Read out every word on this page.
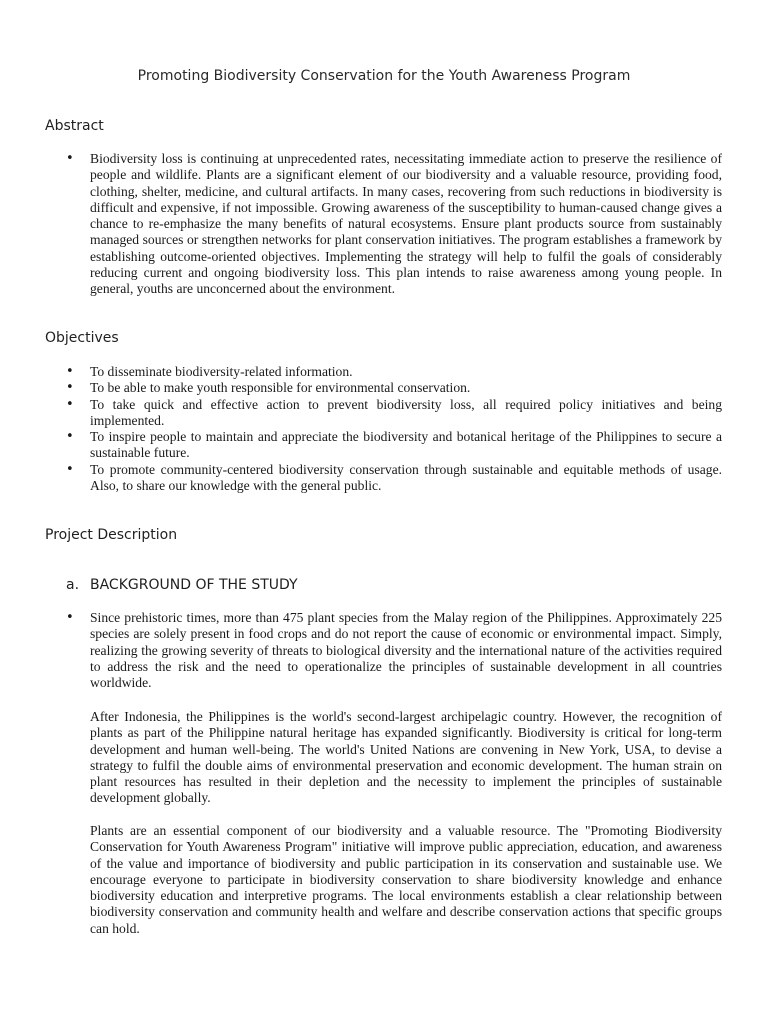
Promoting Biodiversity Conservation for the Youth Awareness Program
Abstract
• Biodiversity loss is continuing at unprecedented rates, necessitating immediate action to preserve the resilience of people and wildlife. Plants are a significant element of our biodiversity and a valuable resource, providing food, clothing, shelter, medicine, and cultural artifacts. In many cases, recovering from such reductions in biodiversity is difficult and expensive, if not impossible. Growing awareness of the susceptibility to human-caused change gives a chance to re-emphasize the many benefits of natural ecosystems. Ensure plant products source from sustainably managed sources or strengthen networks for plant conservation initiatives. The program establishes a framework by establishing outcome-oriented objectives. Implementing the strategy will help to fulfil the goals of considerably reducing current and ongoing biodiversity loss. This plan intends to raise awareness among young people. In general, youths are unconcerned about the environment.
Objectives
• To disseminate biodiversity-related information.
• To be able to make youth responsible for environmental conservation.
• To take quick and effective action to prevent biodiversity loss, all required policy initiatives and being implemented.
• To inspire people to maintain and appreciate the biodiversity and botanical heritage of the Philippines to secure a sustainable future.
• To promote community-centered biodiversity conservation through sustainable and equitable methods of usage. Also, to share our knowledge with the general public.
Project Description
a. BACKGROUND OF THE STUDY
• Since prehistoric times, more than 475 plant species from the Malay region of the Philippines. Approximately 225 species are solely present in food crops and do not report the cause of economic or environmental impact. Simply, realizing the growing severity of threats to biological diversity and the international nature of the activities required to address the risk and the need to operationalize the principles of sustainable development in all countries worldwide.

After Indonesia, the Philippines is the world's second-largest archipelagic country. However, the recognition of plants as part of the Philippine natural heritage has expanded significantly. Biodiversity is critical for long-term development and human well-being. The world's United Nations are convening in New York, USA, to devise a strategy to fulfil the double aims of environmental preservation and economic development. The human strain on plant resources has resulted in their depletion and the necessity to implement the principles of sustainable development globally.

Plants are an essential component of our biodiversity and a valuable resource. The "Promoting Biodiversity Conservation for Youth Awareness Program" initiative will improve public appreciation, education, and awareness of the value and importance of biodiversity and public participation in its conservation and sustainable use. We encourage everyone to participate in biodiversity conservation to share biodiversity knowledge and enhance biodiversity education and interpretive programs. The local environments establish a clear relationship between biodiversity conservation and community health and welfare and describe conservation actions that specific groups can hold.
